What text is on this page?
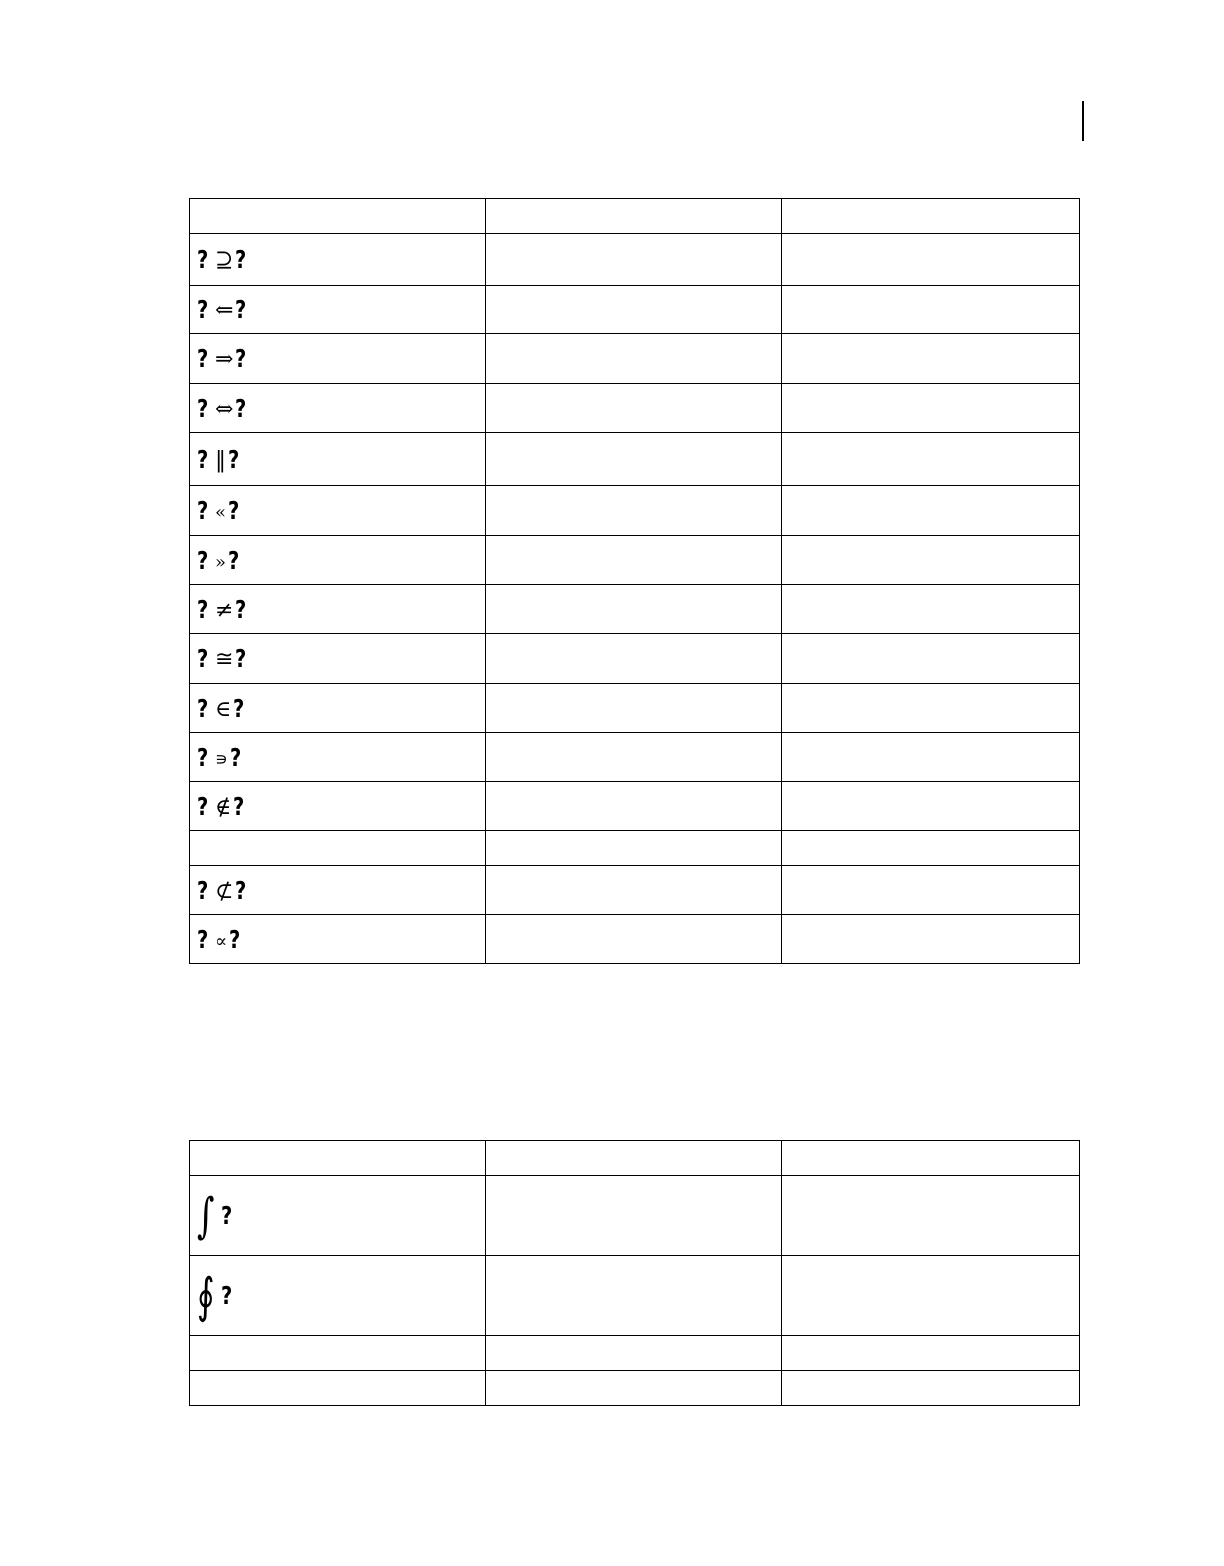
? ⊇?		
? ⇐?		
? ⇒?		
? ⇔?		
? ‖?		
? «?		
? »?		
? ≠?		
? ≅?		
? ∈?		
? ∍?		
? ∉?		

? ⊄?		
? ∝?		

∫ ?		
∮ ?		
